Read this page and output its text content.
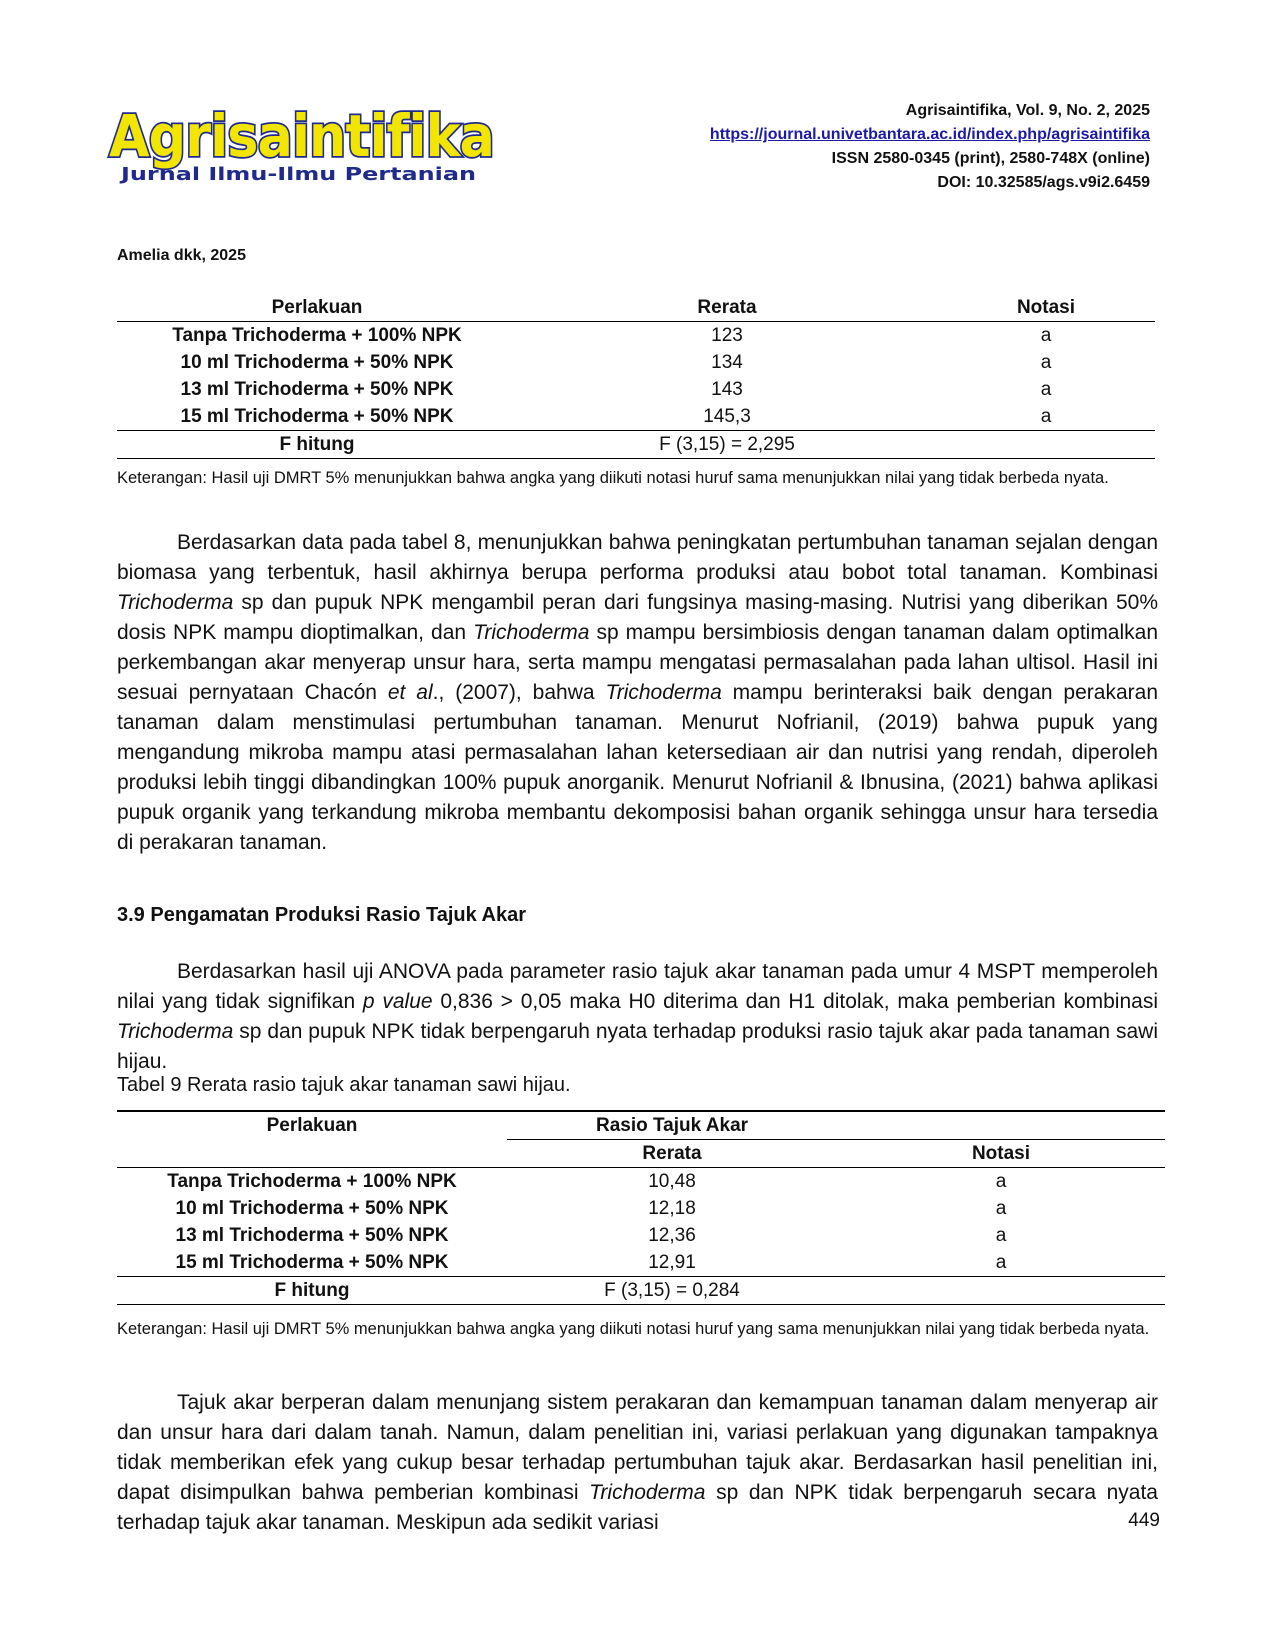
Agrisaintifika
Jurnal Ilmu-Ilmu Pertanian
Agrisaintifika, Vol. 9, No. 2, 2025
https://journal.univetbantara.ac.id/index.php/agrisaintifika
ISSN 2580-0345 (print), 2580-748X (online)
DOI: 10.32585/ags.v9i2.6459
Amelia dkk, 2025
Perlakuan	Rerata	Notasi
Tanpa Trichoderma + 100% NPK	123	a
10 ml Trichoderma + 50% NPK	134	a
13 ml Trichoderma + 50% NPK	143	a
15 ml Trichoderma + 50% NPK	145,3	a
F hitung	F (3,15) = 2,295	
Keterangan: Hasil uji DMRT 5% menunjukkan bahwa angka yang diikuti notasi huruf sama menunjukkan nilai yang tidak berbeda nyata.

Berdasarkan data pada tabel 8, menunjukkan bahwa peningkatan pertumbuhan tanaman sejalan dengan biomasa yang terbentuk, hasil akhirnya berupa performa produksi atau bobot total tanaman. Kombinasi Trichoderma sp dan pupuk NPK mengambil peran dari fungsinya masing-masing. Nutrisi yang diberikan 50% dosis NPK mampu dioptimalkan, dan Trichoderma sp mampu bersimbiosis dengan tanaman dalam optimalkan perkembangan akar menyerap unsur hara, serta mampu mengatasi permasalahan pada lahan ultisol. Hasil ini sesuai pernyataan Chacón et al., (2007), bahwa Trichoderma mampu berinteraksi baik dengan perakaran tanaman dalam menstimulasi pertumbuhan tanaman. Menurut Nofrianil, (2019) bahwa pupuk yang mengandung mikroba mampu atasi permasalahan lahan ketersediaan air dan nutrisi yang rendah, diperoleh produksi lebih tinggi dibandingkan 100% pupuk anorganik. Menurut Nofrianil & Ibnusina, (2021) bahwa aplikasi pupuk organik yang terkandung mikroba membantu dekomposisi bahan organik sehingga unsur hara tersedia di perakaran tanaman.

3.9 Pengamatan Produksi Rasio Tajuk Akar

Berdasarkan hasil uji ANOVA pada parameter rasio tajuk akar tanaman pada umur 4 MSPT memperoleh nilai yang tidak signifikan p value 0,836 > 0,05 maka H0 diterima dan H1 ditolak, maka pemberian kombinasi Trichoderma sp dan pupuk NPK tidak berpengaruh nyata terhadap produksi rasio tajuk akar pada tanaman sawi hijau.

Tabel 9 Rerata rasio tajuk akar tanaman sawi hijau.
Perlakuan	Rasio Tajuk Akar	
	Rerata	Notasi
Tanpa Trichoderma + 100% NPK	10,48	a
10 ml Trichoderma + 50% NPK	12,18	a
13 ml Trichoderma + 50% NPK	12,36	a
15 ml Trichoderma + 50% NPK	12,91	a
F hitung	F (3,15) = 0,284	
Keterangan: Hasil uji DMRT 5% menunjukkan bahwa angka yang diikuti notasi huruf yang sama menunjukkan nilai yang tidak berbeda nyata.

Tajuk akar berperan dalam menunjang sistem perakaran dan kemampuan tanaman dalam menyerap air dan unsur hara dari dalam tanah. Namun, dalam penelitian ini, variasi perlakuan yang digunakan tampaknya tidak memberikan efek yang cukup besar terhadap pertumbuhan tajuk akar. Berdasarkan hasil penelitian ini, dapat disimpulkan bahwa pemberian kombinasi Trichoderma sp dan NPK tidak berpengaruh secara nyata terhadap tajuk akar tanaman. Meskipun ada sedikit variasi	449
